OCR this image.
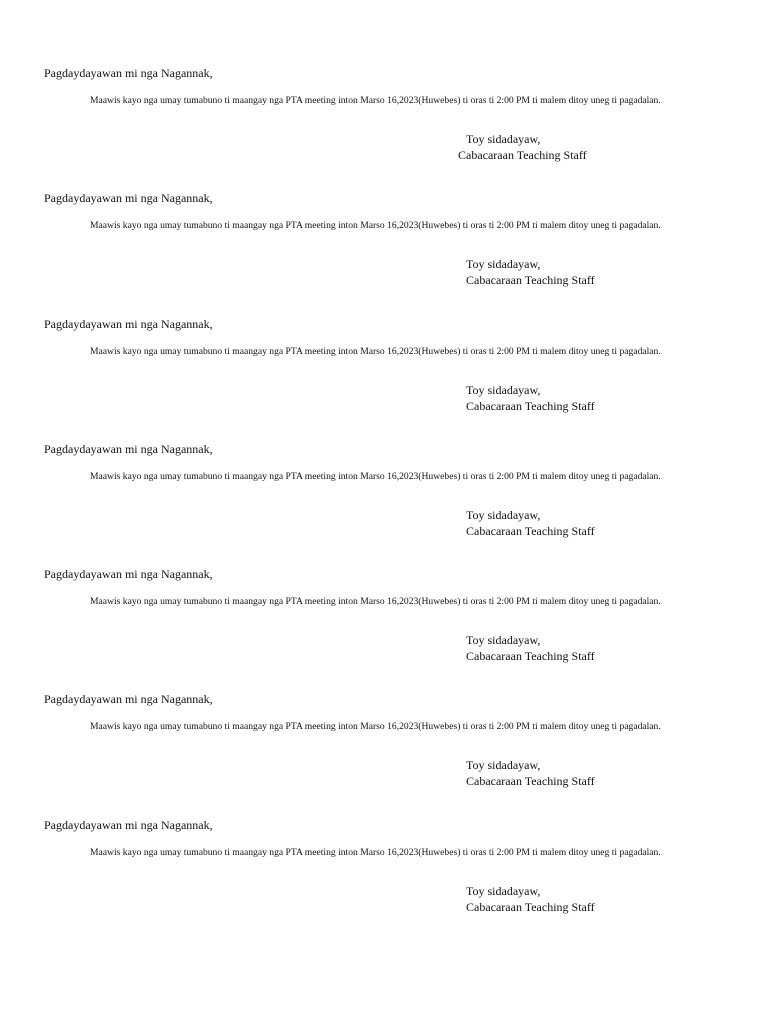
Pagdaydayawan mi nga Nagannak,

Maawis kayo nga umay tumabuno ti maangay nga PTA meeting inton Marso 16,2023(Huwebes) ti oras ti 2:00 PM ti malem ditoy uneg ti pagadalan.

Toy sidadayaw,
Cabacaraan Teaching Staff
Pagdaydayawan mi nga Nagannak,

Maawis kayo nga umay tumabuno ti maangay nga PTA meeting inton Marso 16,2023(Huwebes) ti oras ti 2:00 PM ti malem ditoy uneg ti pagadalan.

Toy sidadayaw,
Cabacaraan Teaching Staff
Pagdaydayawan mi nga Nagannak,

Maawis kayo nga umay tumabuno ti maangay nga PTA meeting inton Marso 16,2023(Huwebes) ti oras ti 2:00 PM ti malem ditoy uneg ti pagadalan.

Toy sidadayaw,
Cabacaraan Teaching Staff
Pagdaydayawan mi nga Nagannak,

Maawis kayo nga umay tumabuno ti maangay nga PTA meeting inton Marso 16,2023(Huwebes) ti oras ti 2:00 PM ti malem ditoy uneg ti pagadalan.

Toy sidadayaw,
Cabacaraan Teaching Staff
Pagdaydayawan mi nga Nagannak,

Maawis kayo nga umay tumabuno ti maangay nga PTA meeting inton Marso 16,2023(Huwebes) ti oras ti 2:00 PM ti malem ditoy uneg ti pagadalan.

Toy sidadayaw,
Cabacaraan Teaching Staff
Pagdaydayawan mi nga Nagannak,

Maawis kayo nga umay tumabuno ti maangay nga PTA meeting inton Marso 16,2023(Huwebes) ti oras ti 2:00 PM ti malem ditoy uneg ti pagadalan.

Toy sidadayaw,
Cabacaraan Teaching Staff
Pagdaydayawan mi nga Nagannak,

Maawis kayo nga umay tumabuno ti maangay nga PTA meeting inton Marso 16,2023(Huwebes) ti oras ti 2:00 PM ti malem ditoy uneg ti pagadalan.

Toy sidadayaw,
Cabacaraan Teaching Staff
